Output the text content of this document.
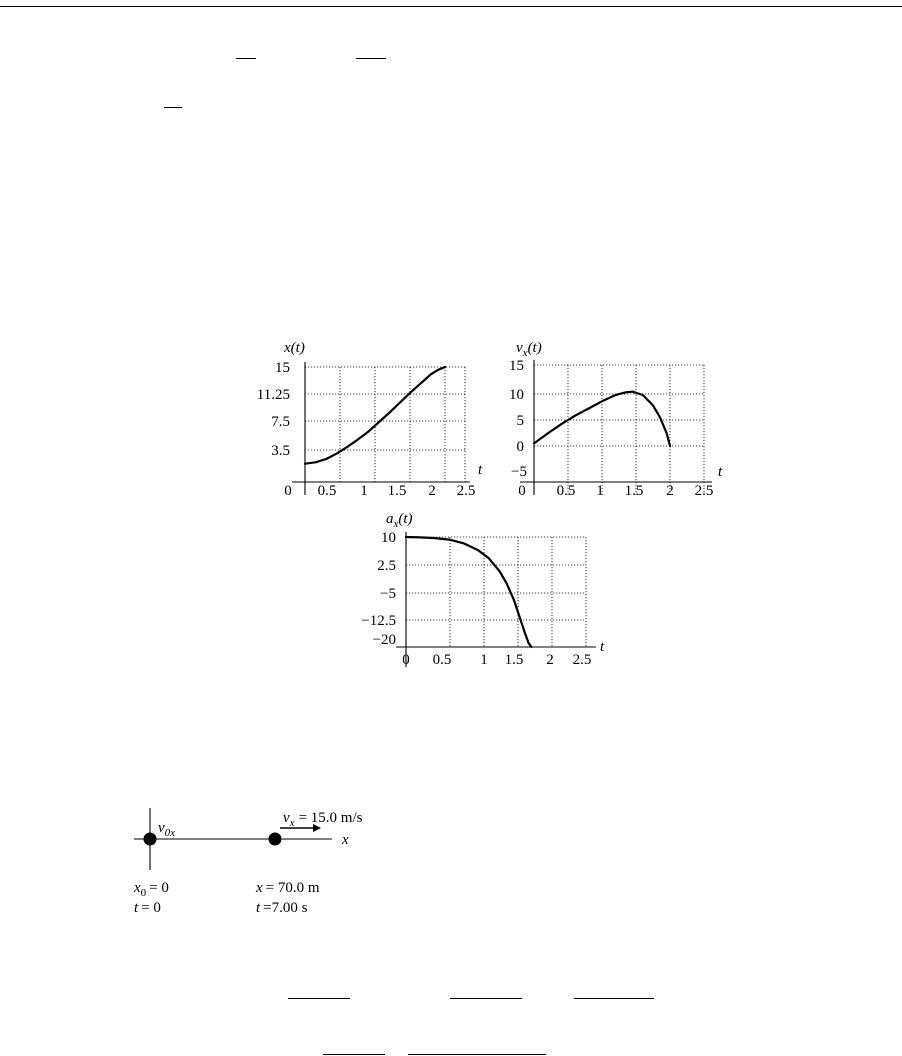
x(t)
t
15
11.25
7.5
3.5
0 0.5 1 1.5 2 2.5
$v_x(t)$
t
15
10
5
0
−5
0 0.5 1 1.5 2 2.5
$a_x(t)$
t
10
2.5
−5
−12.5
−20
0 0.5 1 1.5 2 2.5
$v_{0x}$
$v_x = 15.0$ m/s
x
$x_0 = 0$
t = 0
x = 70.0 m
t =7.00 s
